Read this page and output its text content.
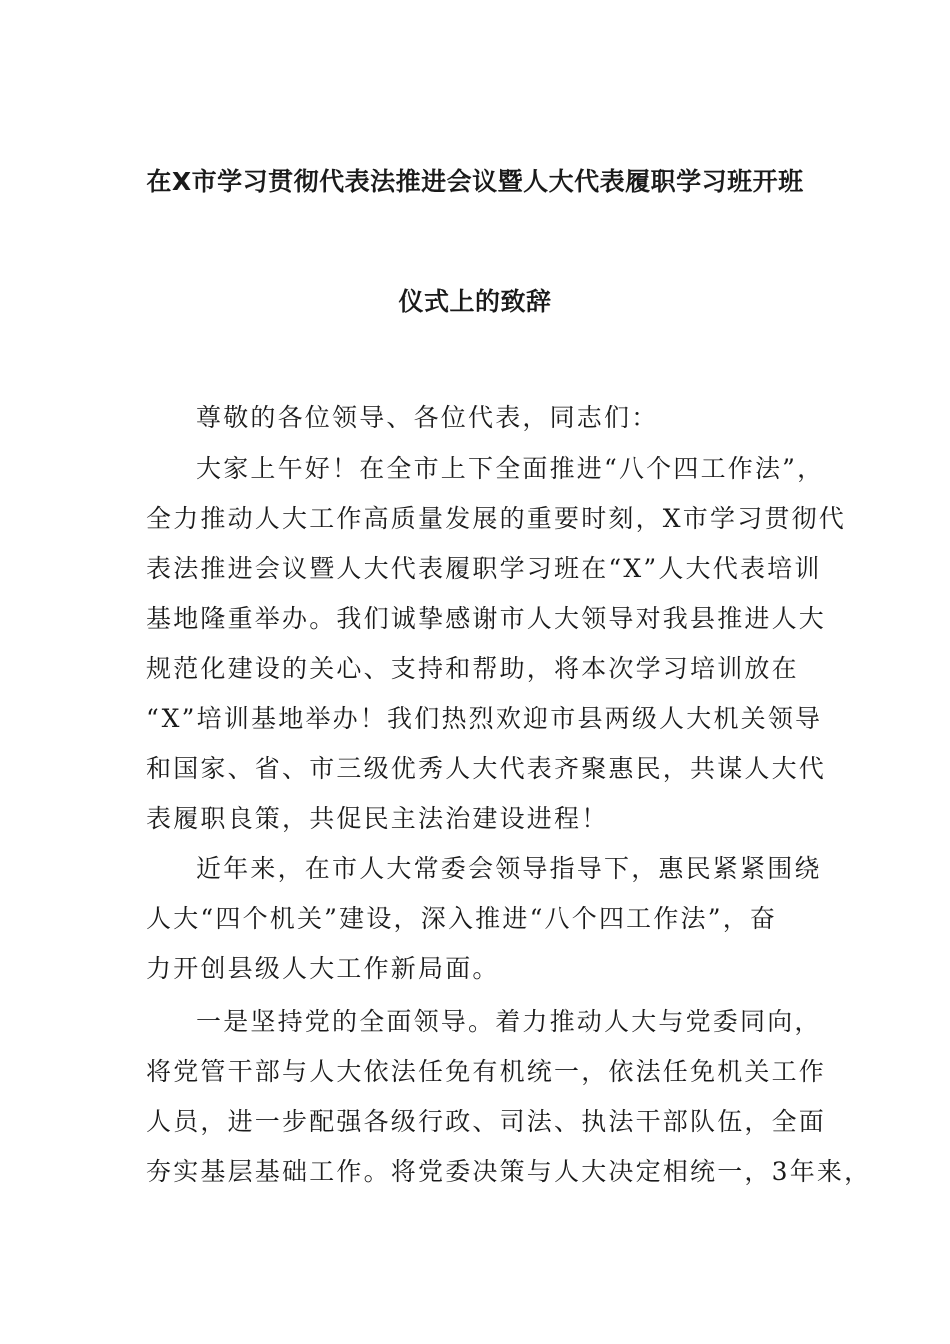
在X市学习贯彻代表法推进会议暨人大代表履职学习班开班
仪式上的致辞
尊敬的各位领导、各位代表，同志们：
大家上午好！在全市上下全面推进“八个四工作法”，
全力推动人大工作高质量发展的重要时刻，X市学习贯彻代
表法推进会议暨人大代表履职学习班在“X”人大代表培训
基地隆重举办。我们诚挚感谢市人大领导对我县推进人大
规范化建设的关心、支持和帮助，将本次学习培训放在
“X”培训基地举办！我们热烈欢迎市县两级人大机关领导
和国家、省、市三级优秀人大代表齐聚惠民，共谋人大代
表履职良策，共促民主法治建设进程！
近年来，在市人大常委会领导指导下，惠民紧紧围绕
人大“四个机关”建设，深入推进“八个四工作法”，奋
力开创县级人大工作新局面。
一是坚持党的全面领导。着力推动人大与党委同向，
将党管干部与人大依法任免有机统一，依法任免机关工作
人员，进一步配强各级行政、司法、执法干部队伍，全面
夯实基层基础工作。将党委决策与人大决定相统一，3年来，
